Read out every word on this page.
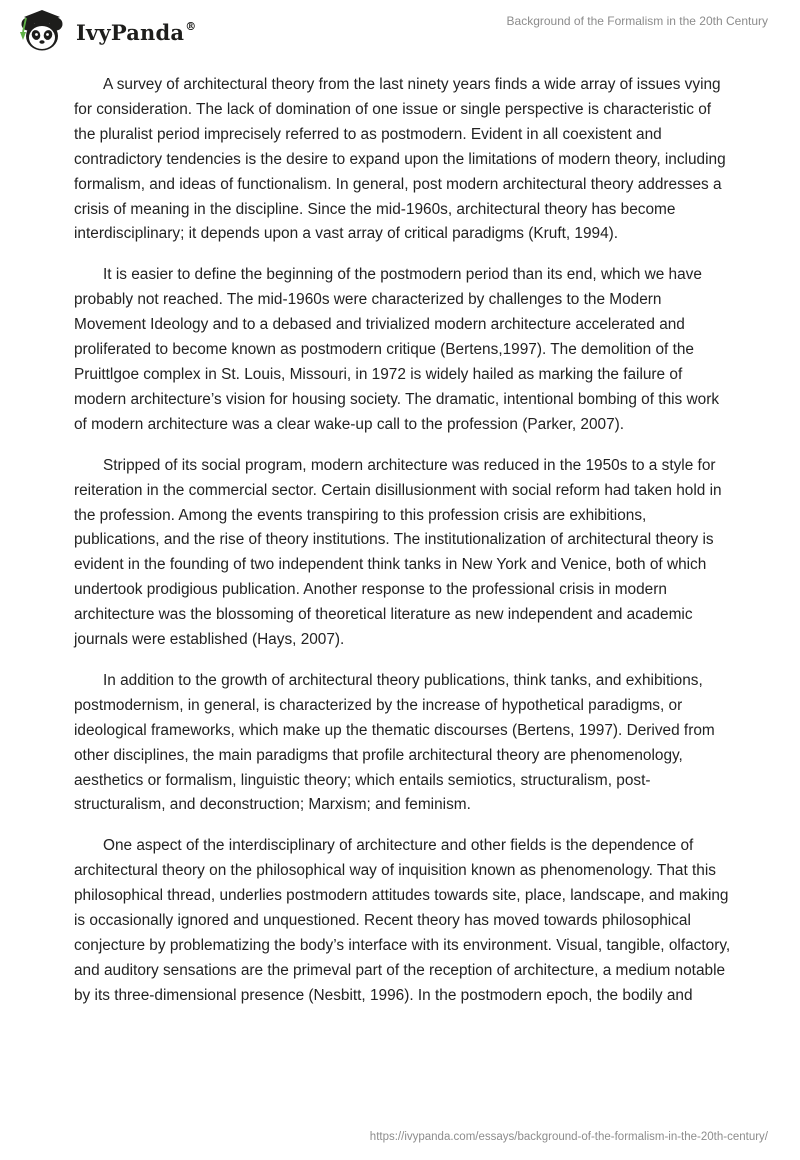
IvyPanda®	Background of the Formalism in the 20th Century

A survey of architectural theory from the last ninety years finds a wide array of issues vying for consideration. The lack of domination of one issue or single perspective is characteristic of the pluralist period imprecisely referred to as postmodern. Evident in all coexistent and contradictory tendencies is the desire to expand upon the limitations of modern theory, including formalism, and ideas of functionalism. In general, post modern architectural theory addresses a crisis of meaning in the discipline. Since the mid-1960s, architectural theory has become interdisciplinary; it depends upon a vast array of critical paradigms (Kruft, 1994).

It is easier to define the beginning of the postmodern period than its end, which we have probably not reached. The mid-1960s were characterized by challenges to the Modern Movement Ideology and to a debased and trivialized modern architecture accelerated and proliferated to become known as postmodern critique (Bertens,1997). The demolition of the Pruittlgoe complex in St. Louis, Missouri, in 1972 is widely hailed as marking the failure of modern architecture’s vision for housing society. The dramatic, intentional bombing of this work of modern architecture was a clear wake-up call to the profession (Parker, 2007).

Stripped of its social program, modern architecture was reduced in the 1950s to a style for reiteration in the commercial sector. Certain disillusionment with social reform had taken hold in the profession. Among the events transpiring to this profession crisis are exhibitions, publications, and the rise of theory institutions. The institutionalization of architectural theory is evident in the founding of two independent think tanks in New York and Venice, both of which undertook prodigious publication. Another response to the professional crisis in modern architecture was the blossoming of theoretical literature as new independent and academic journals were established (Hays, 2007).

In addition to the growth of architectural theory publications, think tanks, and exhibitions, postmodernism, in general, is characterized by the increase of hypothetical paradigms, or ideological frameworks, which make up the thematic discourses (Bertens, 1997). Derived from other disciplines, the main paradigms that profile architectural theory are phenomenology, aesthetics or formalism, linguistic theory; which entails semiotics, structuralism, post-structuralism, and deconstruction; Marxism; and feminism.

One aspect of the interdisciplinary of architecture and other fields is the dependence of architectural theory on the philosophical way of inquisition known as phenomenology. That this philosophical thread, underlies postmodern attitudes towards site, place, landscape, and making is occasionally ignored and unquestioned. Recent theory has moved towards philosophical conjecture by problematizing the body’s interface with its environment. Visual, tangible, olfactory, and auditory sensations are the primeval part of the reception of architecture, a medium notable by its three-dimensional presence (Nesbitt, 1996). In the postmodern epoch, the bodily and

https://ivypanda.com/essays/background-of-the-formalism-in-the-20th-century/
